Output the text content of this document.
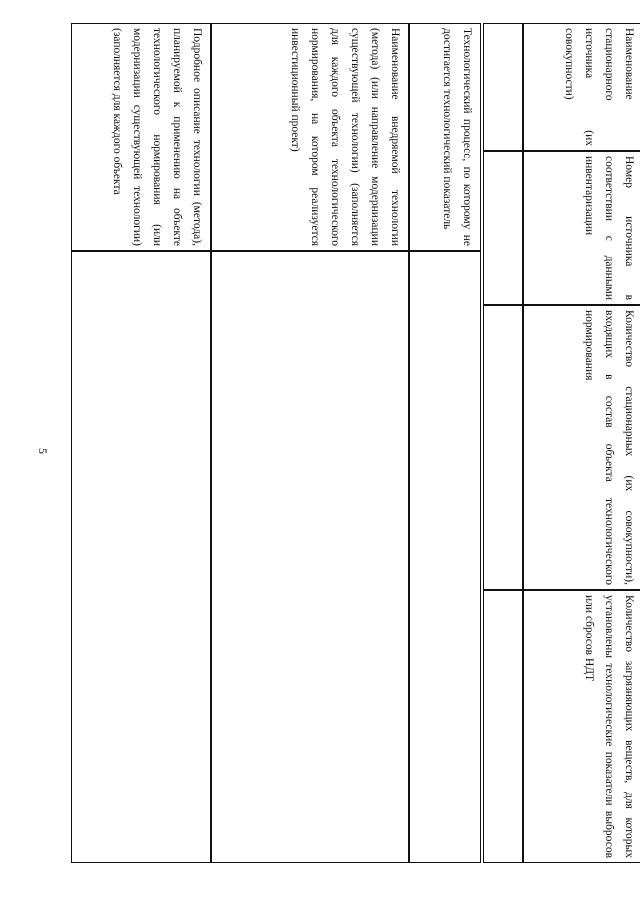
5
Наименование стационарного источника (их совокупности)
Номер источника в соответствии с данными инвентаризации
Количество стационарных (их совокупности), входящих в состав объекта технологического нормирования
Количество загрязняющих веществ, для которых установлены технологические показатели выбросов или сбросов НДТ
Технологический процесс, по которому не достигается технологический показатель
Наименование внедряемой технологии (метода) (или направление модернизации существующей технологии) (заполняется для каждого объекта технологического нормирования, на котором реализуется инвестиционный проект)
Подробное описание технологии (метода), планируемой к применению на объекте технологического нормирования (или модернизации существующей технологии) (заполняется для каждого объекта
